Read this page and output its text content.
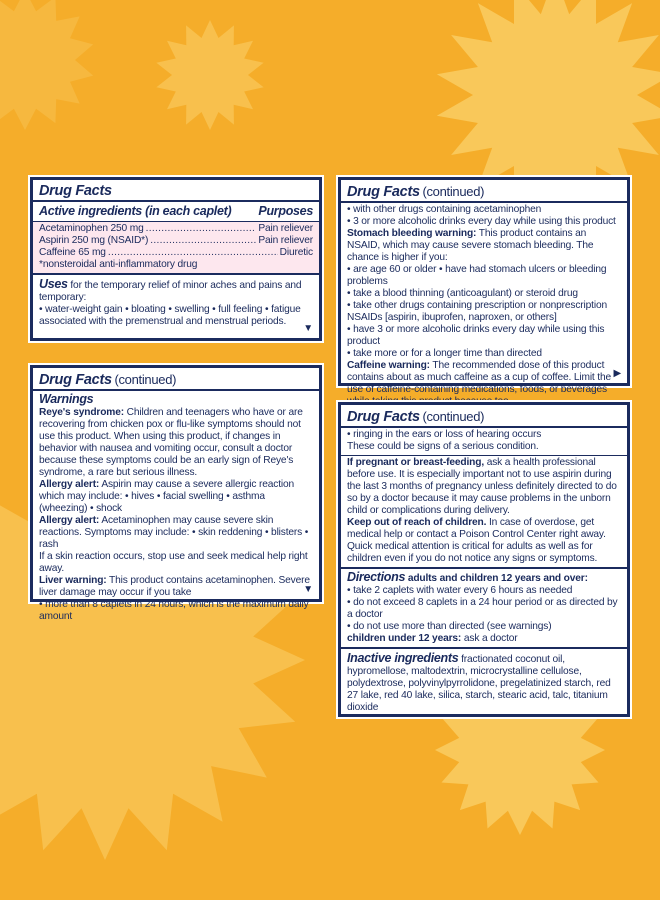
Drug Facts
Active ingredients (in each caplet) Purposes
Acetaminophen 250 mg .....	Pain reliever
Aspirin 250 mg (NSAID*) .....	Pain reliever
Caffeine 65 mg .....	Diuretic
*nonsteroidal anti-inflammatory drug
Uses for the temporary relief of minor aches and pains and temporary:
• water-weight gain • bloating • swelling • full feeling • fatigue
associated with the premenstrual and menstrual periods.
▼
Drug Facts (continued)
Warnings
Reye's syndrome: Children and teenagers who have or are recovering from chicken pox or flu-like symptoms should not use this product. When using this product, if changes in behavior with nausea and vomiting occur, consult a doctor because these symptoms could be an early sign of Reye's syndrome, a rare but serious illness.
Allergy alert: Aspirin may cause a severe allergic reaction which may include: • hives • facial swelling • asthma (wheezing) • shock
Allergy alert: Acetaminophen may cause severe skin reactions. Symptoms may include: • skin reddening • blisters • rash
If a skin reaction occurs, stop use and seek medical help right away.
Liver warning: This product contains acetaminophen. Severe liver damage may occur if you take
• more than 8 caplets in 24 hours, which is the maximum daily amount
▼
Drug Facts (continued)
• with other drugs containing acetaminophen
• 3 or more alcoholic drinks every day while using this product
Stomach bleeding warning: This product contains an NSAID, which may cause severe stomach bleeding. The chance is higher if you:
• are age 60 or older • have had stomach ulcers or bleeding problems
• take a blood thinning (anticoagulant) or steroid drug
• take other drugs containing prescription or nonprescription NSAIDs [aspirin, ibuprofen, naproxen, or others]
• have 3 or more alcoholic drinks every day while using this product
• take more or for a longer time than directed
Caffeine warning: The recommended dose of this product contains about as much caffeine as a cup of coffee. Limit the use of caffeine-containing medications, foods, or beverages
▶
Drug Facts (continued)
• ringing in the ears or loss of hearing occurs
These could be signs of a serious condition.
If pregnant or breast-feeding, ask a health professional before use. It is especially important not to use aspirin during the last 3 months of pregnancy unless definitely directed to do so by a doctor because it may cause problems in the unborn child or complications during delivery.
Keep out of reach of children. In case of overdose, get medical help or contact a Poison Control Center right away. Quick medical attention is critical for adults as well as for children even if you do not notice any signs or symptoms.
Directions adults and children 12 years and over:
• take 2 caplets with water every 6 hours as needed
• do not exceed 8 caplets in a 24 hour period or as directed by a doctor
• do not use more than directed (see warnings)
children under 12 years: ask a doctor
Inactive ingredients fractionated coconut oil, hypromellose, maltodextrin, microcrystalline cellulose, polydextrose, polyvinylpyrrolidone, pregelatinized starch, red 27 lake, red 40 lake, silica, starch, stearic acid, talc, titanium dioxide
